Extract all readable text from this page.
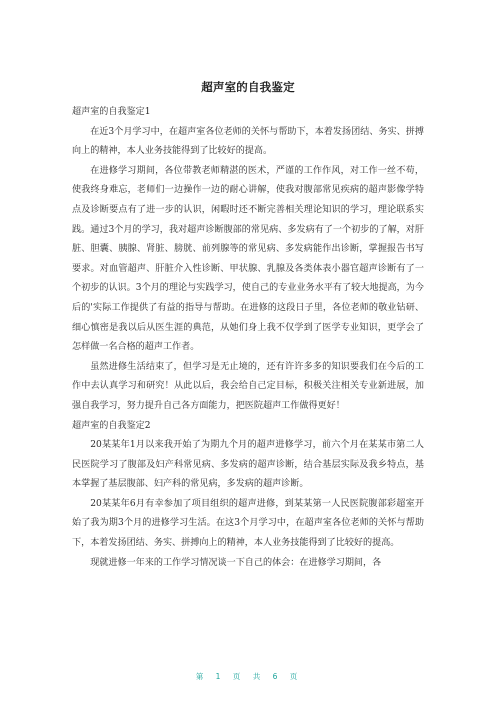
超声室的自我鉴定

超声室的自我鉴定1

在近3个月学习中，在超声室各位老师的关怀与帮助下，本着发扬团结、务实、拼搏向上的精神，本人业务技能得到了比较好的提高。

在进修学习期间，各位带教老师精湛的医术，严谨的工作作风，对工作一丝不苟，使我终身难忘，老师们一边操作一边的耐心讲解，使我对腹部常见疾病的超声影像学特点及诊断要点有了进一步的认识，闲暇时还不断完善相关理论知识的学习，理论联系实践。通过3个月的学习，我对超声诊断腹部的常见病、多发病有了一个初步的了解，对肝脏、胆囊、胰腺、肾脏、膀胱、前列腺等的常见病、多发病能作出诊断，掌握报告书写要求。对血管超声、肝脏介入性诊断、甲状腺、乳腺及各类体表小器官超声诊断有了一个初步的认识。3个月的理论与实践学习，使自己的专业业务水平有了较大地提高，为今后的'实际工作提供了有益的指导与帮助。在进修的这段日子里，各位老师的敬业钻研、细心慎密是我以后从医生涯的典范，从她们身上我不仅学到了医学专业知识，更学会了怎样做一名合格的超声工作者。

虽然进修生活结束了，但学习是无止境的，还有许许多多的知识要我们在今后的工作中去认真学习和研究！从此以后，我会给自己定目标，积极关注相关专业新进展，加强自我学习，努力提升自己各方面能力，把医院超声工作做得更好！

超声室的自我鉴定2

20某某年1月以来我开始了为期九个月的超声进修学习，前六个月在某某市第二人民医院学习了腹部及妇产科常见病、多发病的超声诊断，结合基层实际及我乡特点，基本掌握了基层腹部、妇产科的常见病，多发病的超声诊断。

20某某年6月有幸参加了项目组织的超声进修，到某某第一人民医院腹部彩超室开始了我为期3个月的进修学习生活。在这3个月学习中，在超声室各位老师的关怀与帮助下，本着发扬团结、务实、拼搏向上的精神，本人业务技能得到了比较好的提高。

现就进修一年来的工作学习情况谈一下自己的体会：在进修学习期间，各

第 1 页 共 6 页
